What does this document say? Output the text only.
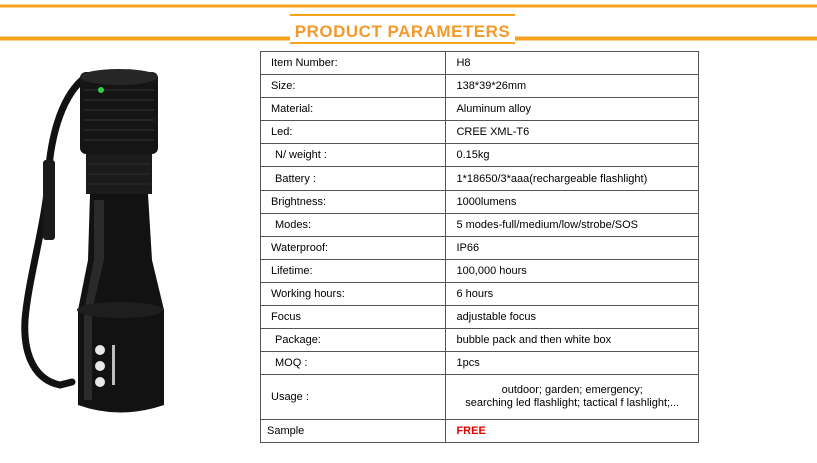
PRODUCT PARAMETERS
Item Number:	H8
Size:	138*39*26mm
Material:	Aluminum alloy
Led:	CREE XML-T6
N/ weight :	0.15kg
Battery :	1*18650/3*aaa(rechargeable flashlight)
Brightness:	1000lumens
Modes:	5 modes-full/medium/low/strobe/SOS
Waterproof:	IP66
Lifetime:	100,000 hours
Working hours:	6 hours
Focus	adjustable focus
Package:	bubble pack and then white box
MOQ :	1pcs
Usage :	outdoor; garden; emergency;
searching led flashlight; tactical f lashlight;...

Sample	FREE
